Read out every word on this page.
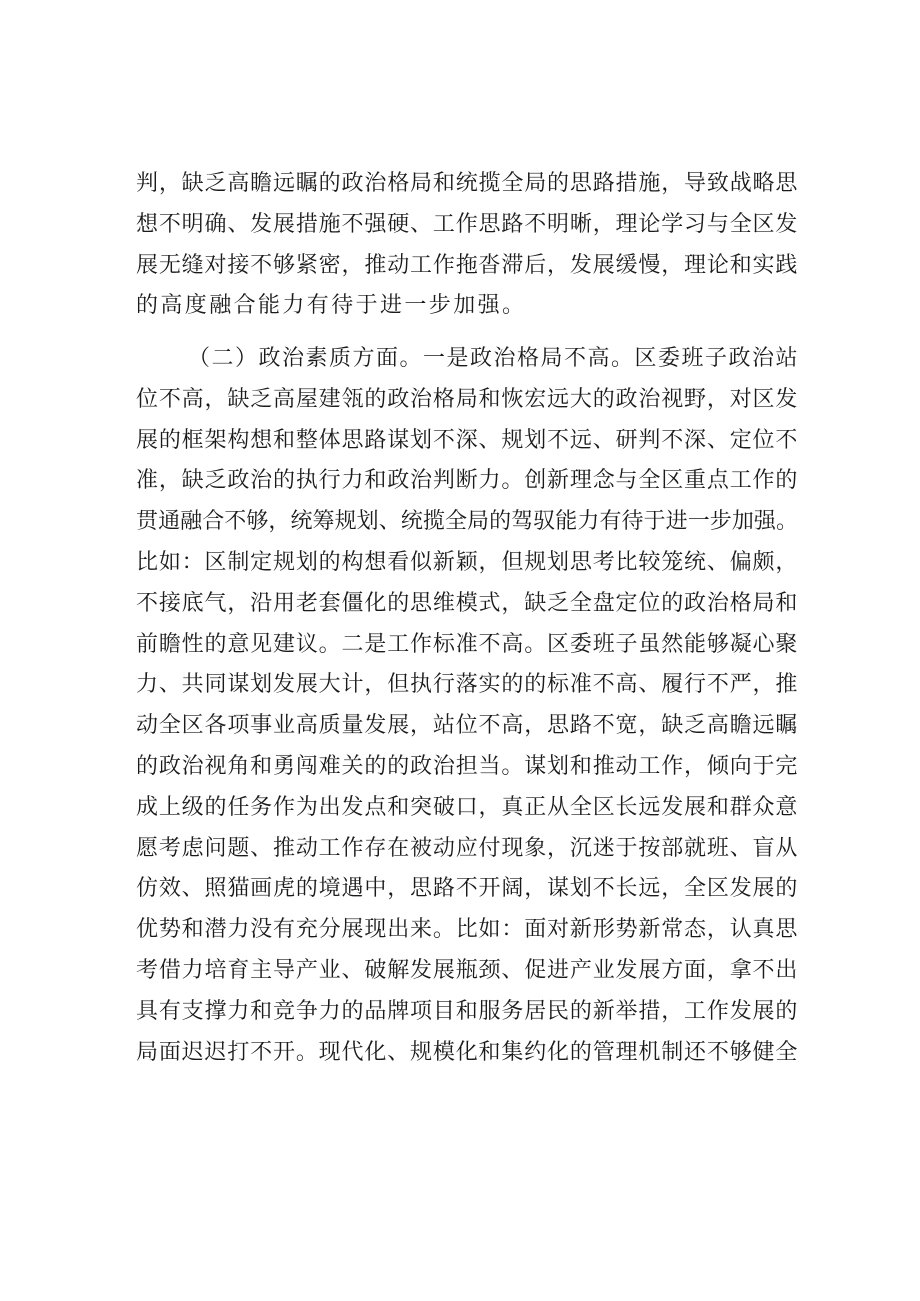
判，缺乏高瞻远瞩的政治格局和统揽全局的思路措施，导致战略思
想不明确、发展措施不强硬、工作思路不明晰，理论学习与全区发
展无缝对接不够紧密，推动工作拖沓滞后，发展缓慢，理论和实践
的高度融合能力有待于进一步加强。
（二）政治素质方面。一是政治格局不高。区委班子政治站
位不高，缺乏高屋建瓴的政治格局和恢宏远大的政治视野，对区发
展的框架构想和整体思路谋划不深、规划不远、研判不深、定位不
准，缺乏政治的执行力和政治判断力。创新理念与全区重点工作的
贯通融合不够，统筹规划、统揽全局的驾驭能力有待于进一步加强。
比如：区制定规划的构想看似新颖，但规划思考比较笼统、偏颇，
不接底气，沿用老套僵化的思维模式，缺乏全盘定位的政治格局和
前瞻性的意见建议。二是工作标准不高。区委班子虽然能够凝心聚
力、共同谋划发展大计，但执行落实的的标准不高、履行不严，推
动全区各项事业高质量发展，站位不高，思路不宽，缺乏高瞻远瞩
的政治视角和勇闯难关的的政治担当。谋划和推动工作，倾向于完
成上级的任务作为出发点和突破口，真正从全区长远发展和群众意
愿考虑问题、推动工作存在被动应付现象，沉迷于按部就班、盲从
仿效、照猫画虎的境遇中，思路不开阔，谋划不长远，全区发展的
优势和潜力没有充分展现出来。比如：面对新形势新常态，认真思
考借力培育主导产业、破解发展瓶颈、促进产业发展方面，拿不出
具有支撑力和竞争力的品牌项目和服务居民的新举措，工作发展的
局面迟迟打不开。现代化、规模化和集约化的管理机制还不够健全
